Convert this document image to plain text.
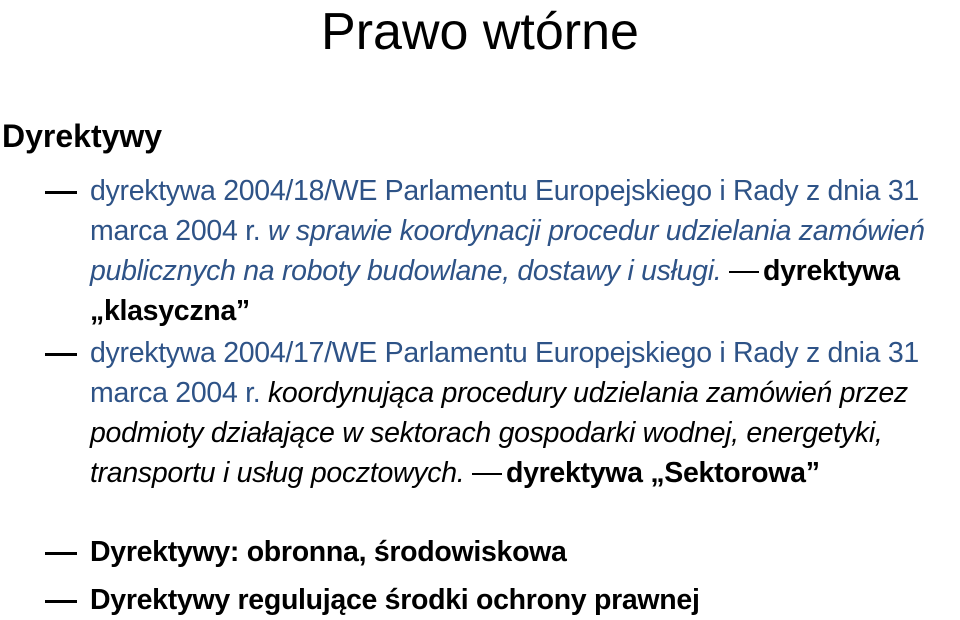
Prawo wtórne
Dyrektywy

dyrektywa 2004/18/WE Parlamentu Europejskiego i Rady z dnia 31 marca 2004 r. w sprawie koordynacji procedur udzielania zamówień publicznych na roboty budowlane, dostawy i usługi. dyrektywa „klasyczna”

dyrektywa 2004/17/WE Parlamentu Europejskiego i Rady z dnia 31 marca 2004 r. koordynująca procedury udzielania zamówień przez podmioty działające w sektorach gospodarki wodnej, energetyki, transportu i usług pocztowych. dyrektywa „Sektorowa”

Dyrektywy: obronna, środowiskowa

Dyrektywy regulujące środki ochrony prawnej
